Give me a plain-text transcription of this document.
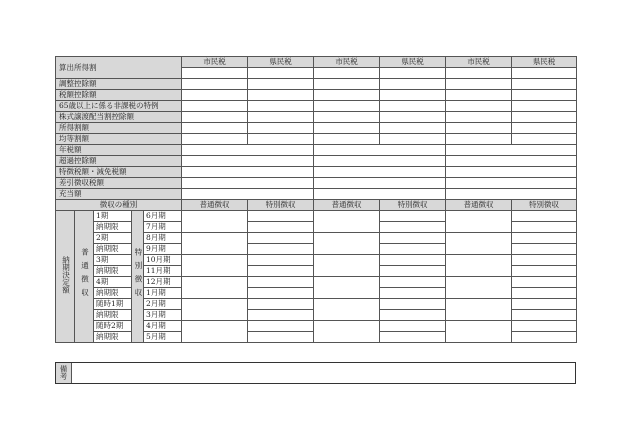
算出所得割					市民税	県民税	市民税	県民税	市民税	県民税

調整控除額										
税額控除額										
65歳以上に係る非課税の特例										
株式譲渡配当割控除額										
所得割額										
均等割額										
年税額										
超過控除額										
特徴税額・減免税額										
差引徴収税額										
充当額										
徴収の種別					普通徴収	特別徴収	普通徴収	特別徴収	普通徴収	特別徴収
納期決定額	普通徴収	1期	特別徴収	6月期						
		納期限		7月期						
		2期		8月期						
		納期限		9月期						
		3期		10月期						
		納期限		11月期						
		4期		12月期						
		納期限		1月期						
		随時1期		2月期						
		納期限		3月期						
		随時2期		4月期						
		納期限		5月期						
備考
